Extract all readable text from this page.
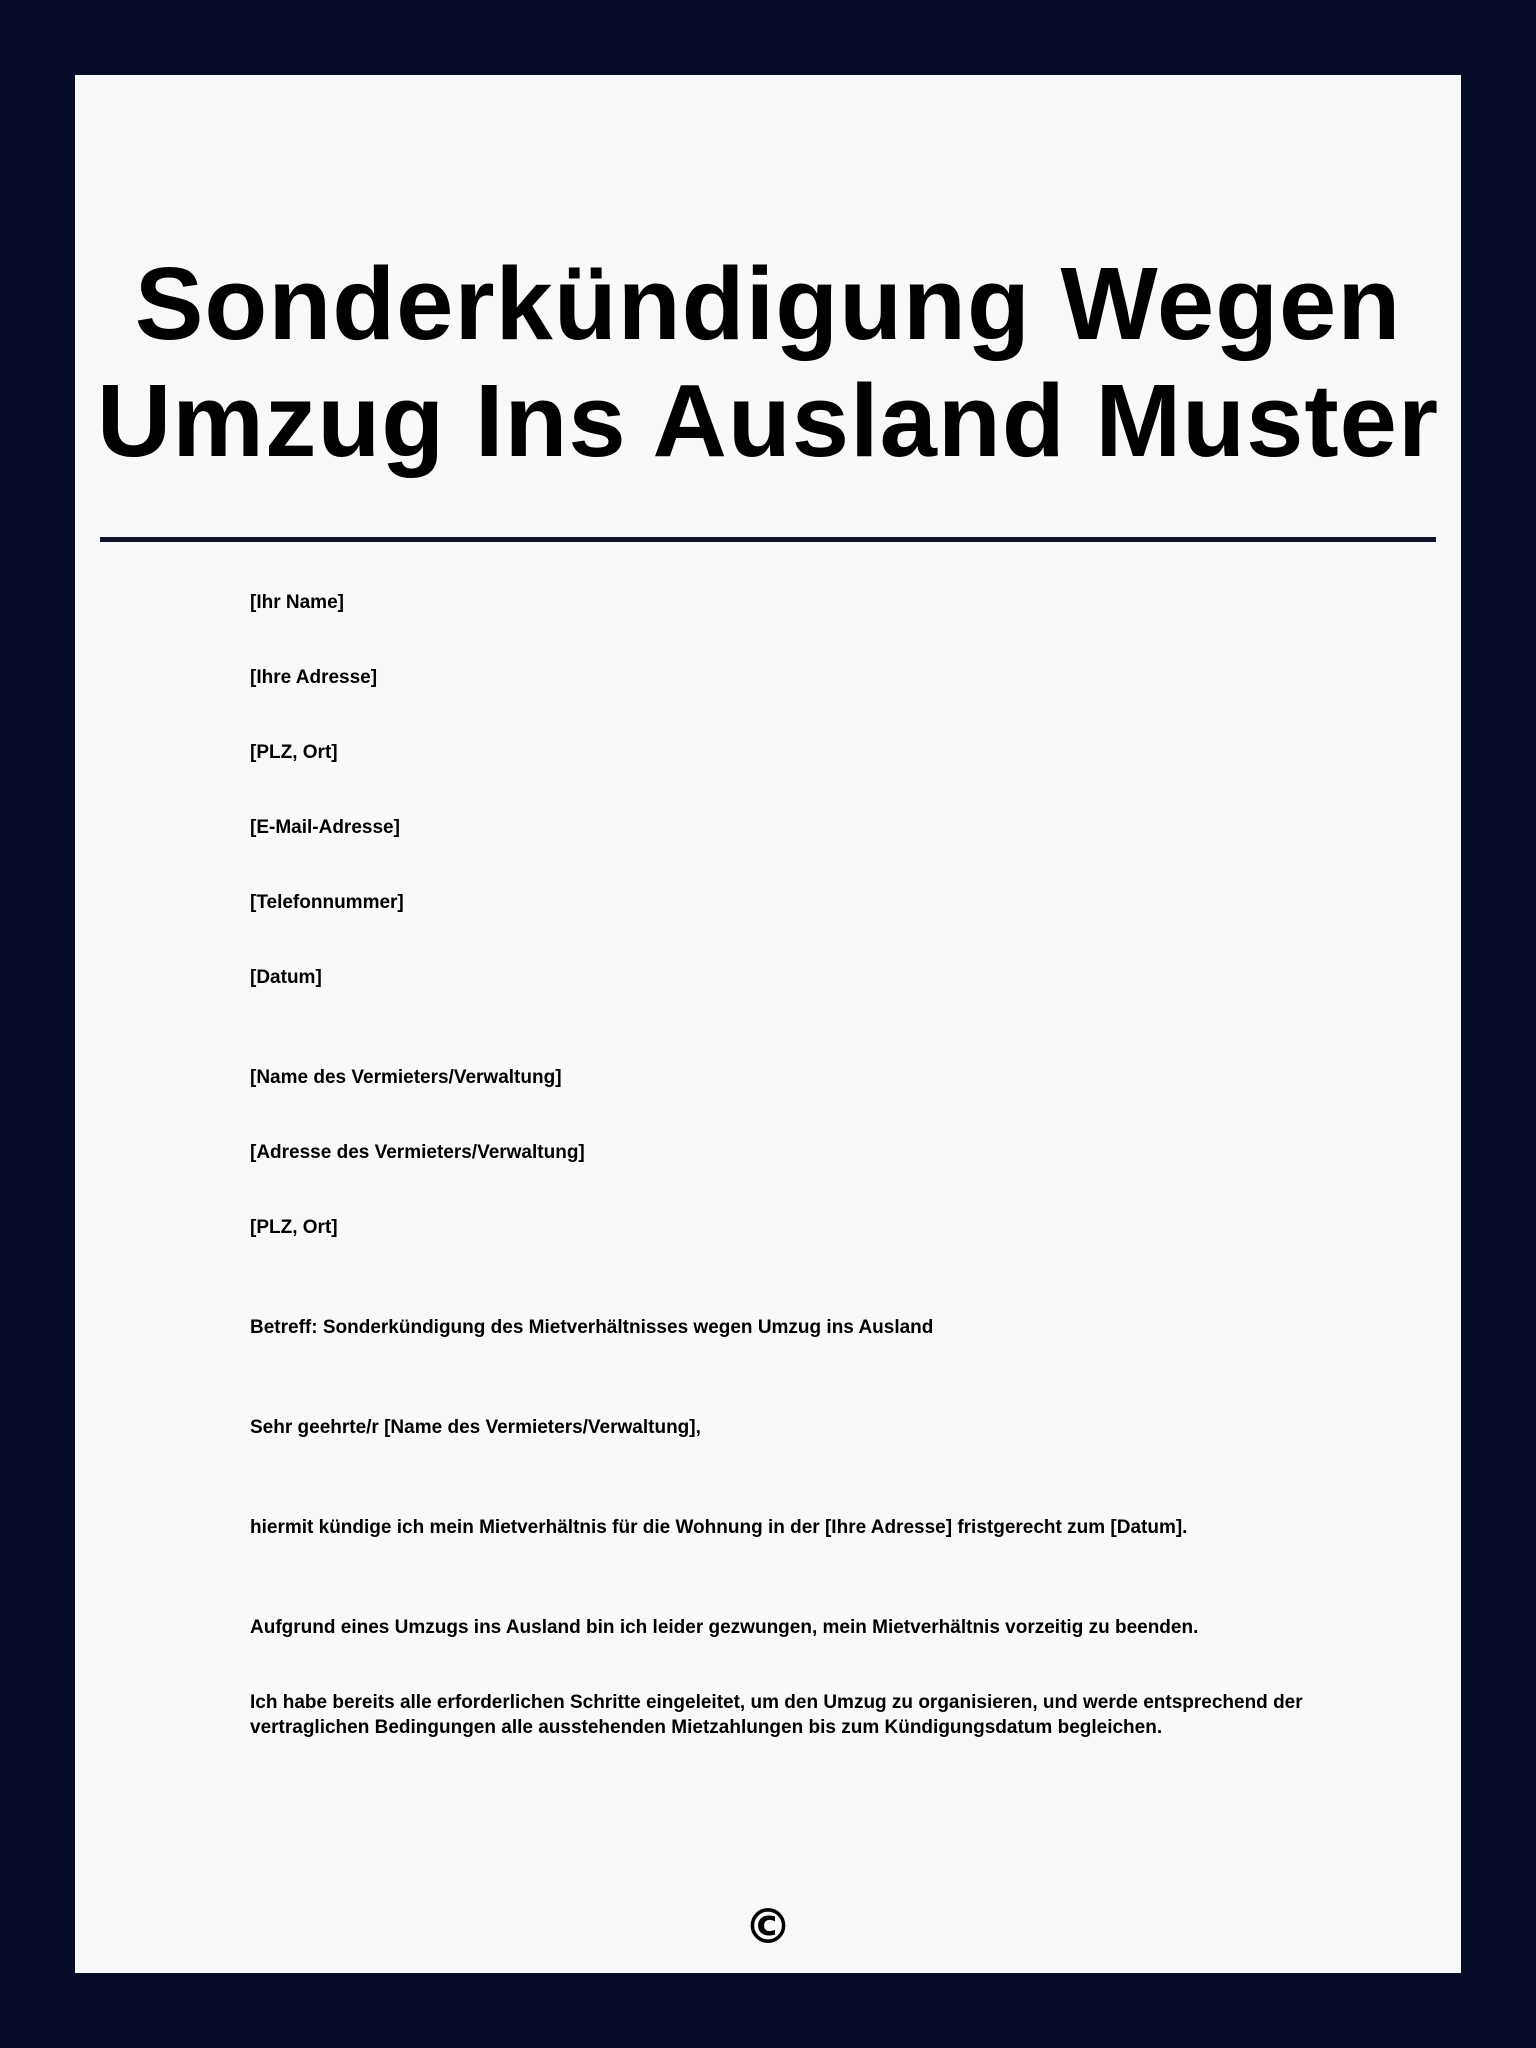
Sonderkündigung Wegen Umzug Ins Ausland Muster

[Ihr Name]

[Ihre Adresse]

[PLZ, Ort]

[E-Mail-Adresse]

[Telefonnummer]

[Datum]

[Name des Vermieters/Verwaltung]

[Adresse des Vermieters/Verwaltung]

[PLZ, Ort]

Betreff: Sonderkündigung des Mietverhältnisses wegen Umzug ins Ausland

Sehr geehrte/r [Name des Vermieters/Verwaltung],

hiermit kündige ich mein Mietverhältnis für die Wohnung in der [Ihre Adresse] fristgerecht zum [Datum].

Aufgrund eines Umzugs ins Ausland bin ich leider gezwungen, mein Mietverhältnis vorzeitig zu beenden.

Ich habe bereits alle erforderlichen Schritte eingeleitet, um den Umzug zu organisieren, und werde entsprechend der vertraglichen Bedingungen alle ausstehenden Mietzahlungen bis zum Kündigungsdatum begleichen.

©
